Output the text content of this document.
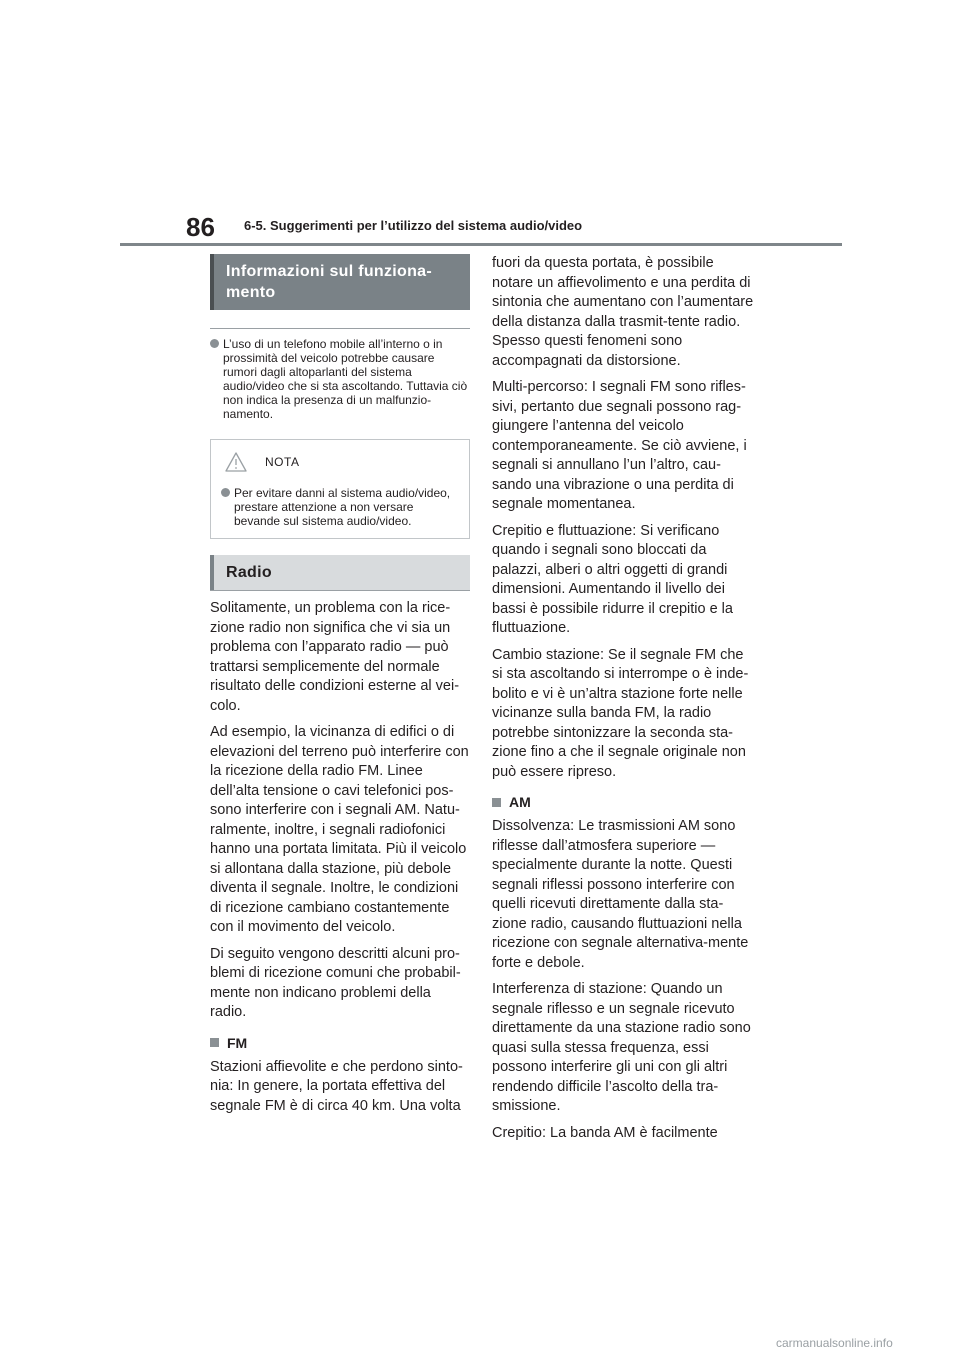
86 6-5. Suggerimenti per l’utilizzo del sistema audio/video
Informazioni sul funziona-
mento
L’uso di un telefono mobile all’interno o in prossimità del veicolo potrebbe causare rumori dagli altoparlanti del sistema audio/video che si sta ascoltando. Tuttavia ciò non indica la presenza di un malfunzio-namento.
NOTA
Per evitare danni al sistema audio/video, prestare attenzione a non versare bevande sul sistema audio/video.
Radio

Solitamente, un problema con la rice-zione radio non significa che vi sia un problema con l’apparato radio — può trattarsi semplicemente del normale risultato delle condizioni esterne al vei-colo.

Ad esempio, la vicinanza di edifici o di elevazioni del terreno può interferire con la ricezione della radio FM. Linee dell’alta tensione o cavi telefonici pos-sono interferire con i segnali AM. Natu-ralmente, inoltre, i segnali radiofonici hanno una portata limitata. Più il veicolo si allontana dalla stazione, più debole diventa il segnale. Inoltre, le condizioni di ricezione cambiano costantemente con il movimento del veicolo.

Di seguito vengono descritti alcuni pro-blemi di ricezione comuni che probabil-mente non indicano problemi della radio.

FM

Stazioni affievolite e che perdono sinto-nia: In genere, la portata effettiva del segnale FM è di circa 40 km. Una volta

fuori da questa portata, è possibile notare un affievolimento e una perdita di sintonia che aumentano con l’aumentare della distanza dalla trasmit-tente radio. Spesso questi fenomeni sono accompagnati da distorsione.

Multi-percorso: I segnali FM sono rifles-sivi, pertanto due segnali possono rag-giungere l’antenna del veicolo contemporaneamente. Se ciò avviene, i segnali si annullano l’un l’altro, cau-sando una vibrazione o una perdita di segnale momentanea.

Crepitio e fluttuazione: Si verificano quando i segnali sono bloccati da palazzi, alberi o altri oggetti di grandi dimensioni. Aumentando il livello dei bassi è possibile ridurre il crepitio e la fluttuazione.

Cambio stazione: Se il segnale FM che si sta ascoltando si interrompe o è inde-bolito e vi è un’altra stazione forte nelle vicinanze sulla banda FM, la radio potrebbe sintonizzare la seconda sta-zione fino a che il segnale originale non può essere ripreso.

AM

Dissolvenza: Le trasmissioni AM sono riflesse dall’atmosfera superiore — specialmente durante la notte. Questi segnali riflessi possono interferire con quelli ricevuti direttamente dalla sta-zione radio, causando fluttuazioni nella ricezione con segnale alternativa-mente forte e debole.

Interferenza di stazione: Quando un segnale riflesso e un segnale ricevuto direttamente da una stazione radio sono quasi sulla stessa frequenza, essi possono interferire gli uni con gli altri rendendo difficile l’ascolto della tra-smissione.

Crepitio: La banda AM è facilmente

carmanualsonline.info
